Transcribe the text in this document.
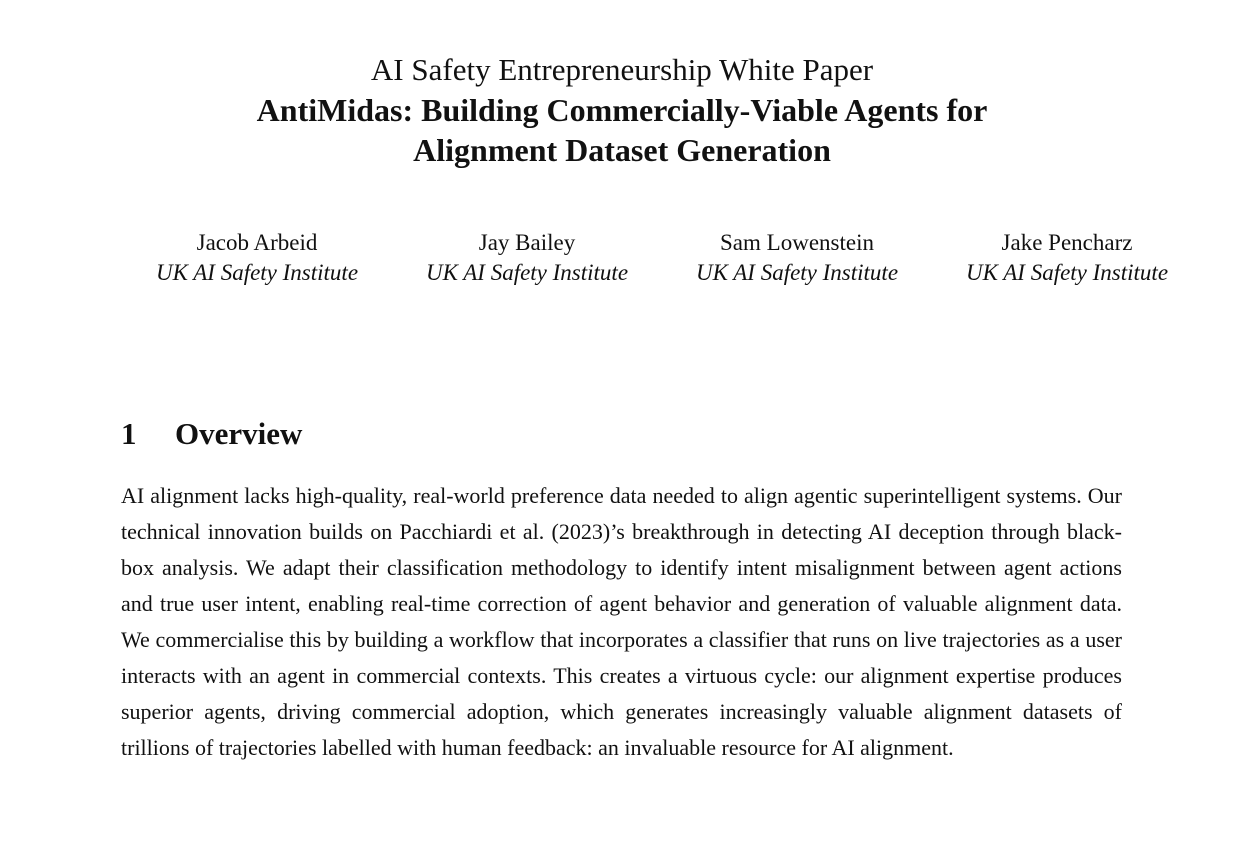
AI Safety Entrepreneurship White Paper
AntiMidas: Building Commercially-Viable Agents for
Alignment Dataset Generation
Jacob Arbeid
UK AI Safety Institute
Jay Bailey
UK AI Safety Institute
Sam Lowenstein
UK AI Safety Institute
Jake Pencharz
UK AI Safety Institute
1 Overview

AI alignment lacks high-quality, real-world preference data needed to align agentic superintelligent systems. Our technical innovation builds on Pacchiardi et al. (2023)’s breakthrough in detecting AI deception through black-box analysis. We adapt their classification methodology to identify intent misalignment between agent actions and true user intent, enabling real-time correction of agent behavior and generation of valuable alignment data. We commercialise this by building a workflow that incorporates a classifier that runs on live trajectories as a user interacts with an agent in commercial contexts. This creates a virtuous cycle: our alignment expertise produces superior agents, driving commercial adoption, which generates increasingly valuable alignment datasets of trillions of trajectories labelled with human feedback: an invaluable resource for AI alignment.
